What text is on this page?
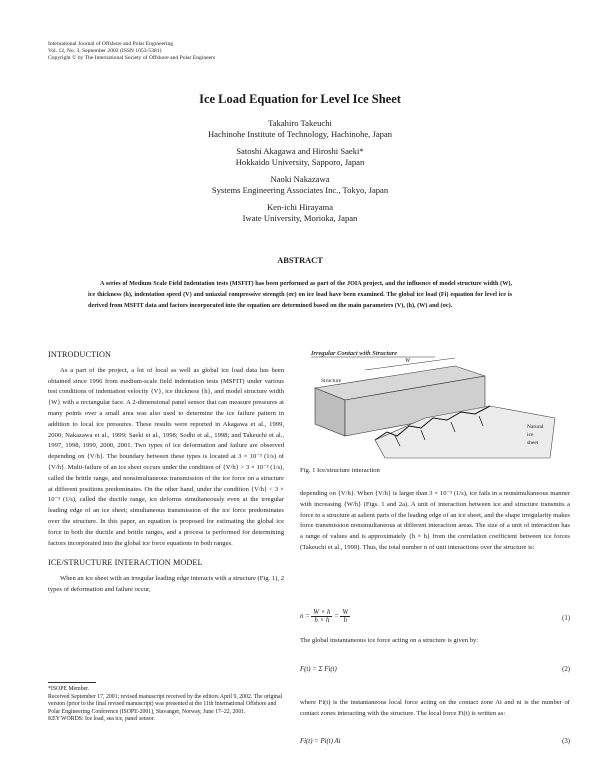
International Journal of Offshore and Polar Engineering
Vol. 12, No. 3, September 2002 (ISSN 1053-5381)
Copyright © by The International Society of Offshore and Polar Engineers
Ice Load Equation for Level Ice Sheet
Takahiro Takeuchi
Hachinohe Institute of Technology, Hachinohe, Japan
Satoshi Akagawa and Hiroshi Saeki*
Hokkaido University, Sapporo, Japan
Naoki Nakazawa
Systems Engineering Associates Inc., Tokyo, Japan
Ken-ichi Hirayama
Iwate University, Morioka, Japan
ABSTRACT
A series of Medium Scale Field Indentation tests (MSFIT) has been performed as part of the JOIA project, and the influence of model structure width (W), ice thickness (h), indentation speed (V) and uniaxial compressive strength (σc) on ice load have been examined. The global ice load (Fi) equation for level ice is derived from MSFIT data and factors incorporated into the equation are determined based on the main parameters (V), (h), (W) and (σc).
INTRODUCTION

As a part of the project, a lot of local as well as global ice load data has been obtained since 1996 from medium-scale field indentation tests (MSFIT) under various test conditions of indentation velocity {V}, ice thickness {h}, and model structure width {W} with a rectangular face. A 2-dimensional panel sensor that can measure pressures at many points over a small area was also used to determine the ice failure pattern in addition to local ice pressures. These results were reported in Akagawa et al., 1999, 2000; Nakazawa et al., 1999; Saeki et al., 1998; Sodhi et al., 1998; and Takeuchi et al., 1997, 1998, 1999, 2000, 2001. Two types of ice deformation and failure are observed depending on {V/h}. The boundary between these types is located at 3 × 10⁻³ (1/s) of {V/h}. Multi-failure of an ice sheet occurs under the condition of {V/h} > 3 × 10⁻³ (1/s), called the brittle range, and nonsimultaneous transmission of the ice force on a structure at different positions predominates. On the other hand, under the condition {V/h} < 3 × 10⁻³ (1/s), called the ductile range, ice deforms simultaneously even at the irregular leading edge of an ice sheet; simultaneous transmission of the ice force predominates over the structure. In this paper, an equation is proposed for estimating the global ice force in both the ductile and brittle ranges, and a process is performed for determining factors incorporated into the global ice force equations in both ranges.

ICE/STRUCTURE INTERACTION MODEL

When an ice sheet with an irregular leading edge interacts with a structure (Fig. 1), 2 types of deformation and failure occur,

*ISOPE Member.
Received September 17, 2001; revised manuscript received by the editors April 9, 2002. The original version (prior to the final revised manuscript) was presented at the 11th International Offshore and Polar Engineering Conference (ISOPE-2001), Stavanger, Norway, June 17–22, 2001.
KEY WORDS: Ice load, sea ice, panel sensor.
Irregular Contact with Structure
W
Structure
Natural
ice
sheet
Fig. 1 Ice/structure interaction

depending on {V/h}. When {V/h} is larger than 3 × 10⁻³ (1/s), ice fails in a nonsimultaneous manner with increasing {W/h} (Figs. 1 and 2a). A unit of interaction between ice and structure transmits a force to a structure at salient parts of the leading edge of an ice sheet, and the shape irregularity makes force transmission nonsimultaneous at different interaction areas. The size of a unit of interaction has a range of values and is approximately {h × h} from the correlation coefficient between ice forces (Takeuchi et al., 1999). Thus, the total number n of unit interactions over the structure is:

$n = \frac{W \times h}{h \times h} = \frac{W}{h}$	(1)

The global instantaneous ice force acting on a structure is given by:

F(t) = Σ Fi(t)	(2)

where Fi(t) is the instantaneous local force acting on the contact zone Ai and ni is the number of contact zones interacting with the structure. The local force Fi(t) is written as:

Fi(t) = Pi(t) Ai	(3)
